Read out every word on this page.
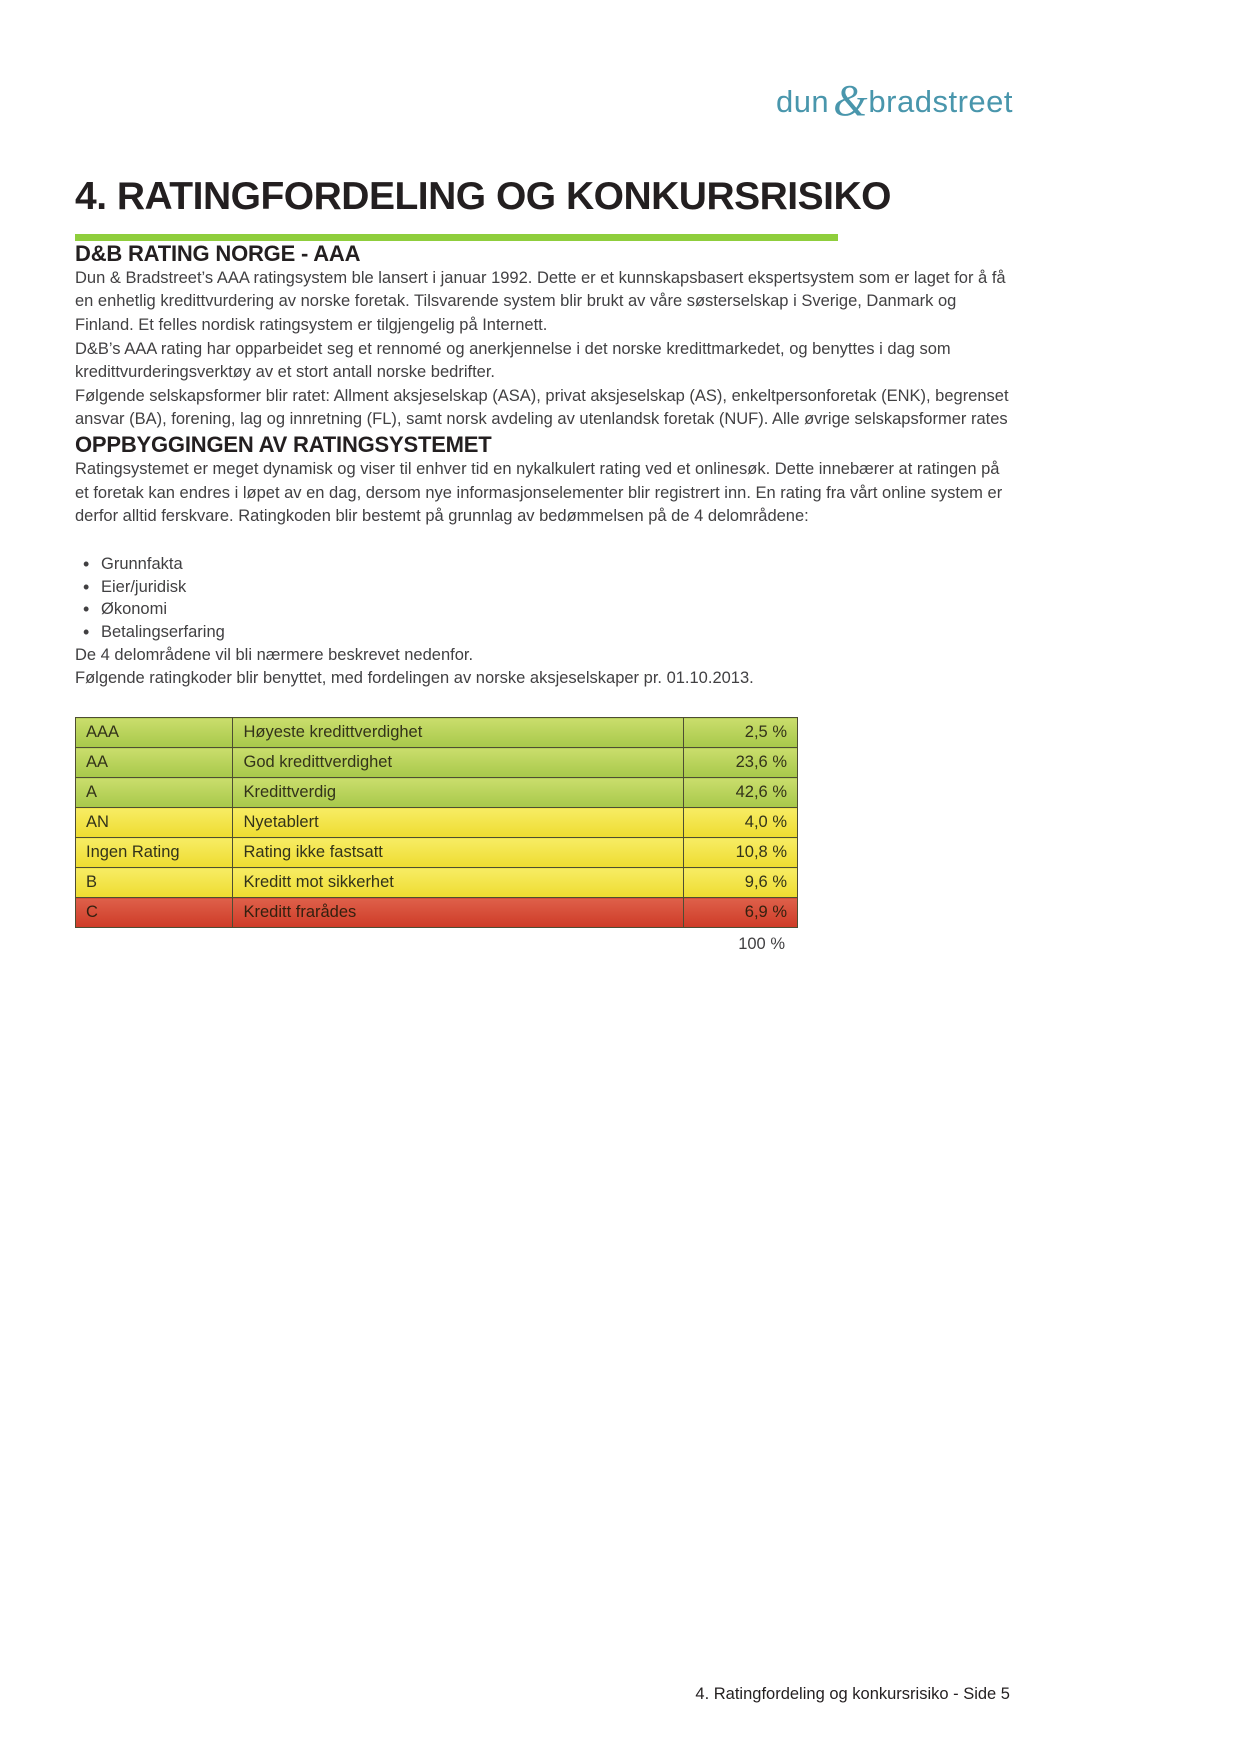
dun&bradstreet
4. RATINGFORDELING OG KONKURSRISIKO
D&B RATING NORGE - AAA

Dun & Bradstreet’s AAA ratingsystem ble lansert i januar 1992. Dette er et kunnskapsbasert ekspertsystem som er laget for å få en enhetlig kredittvurdering av norske foretak. Tilsvarende system blir brukt av våre søsterselskap i Sverige, Danmark og Finland. Et felles nordisk ratingsystem er tilgjengelig på Internett.

D&B’s AAA rating har opparbeidet seg et rennomé og anerkjennelse i det norske kredittmarkedet, og benyttes i dag som kredittvurderingsverktøy av et stort antall norske bedrifter.

Følgende selskapsformer blir ratet: Allment aksjeselskap (ASA), privat aksjeselskap (AS), enkeltpersonforetak (ENK), begrenset ansvar (BA), forening, lag og innretning (FL), samt norsk avdeling av utenlandsk foretak (NUF). Alle øvrige selskapsformer rates

OPPBYGGINGEN AV RATINGSYSTEMET

Ratingsystemet er meget dynamisk og viser til enhver tid en nykalkulert rating ved et onlinesøk. Dette innebærer at ratingen på et foretak kan endres i løpet av en dag, dersom nye informasjonselementer blir registrert inn. En rating fra vårt online system er derfor alltid ferskvare. Ratingkoden blir bestemt på grunnlag av bedømmelsen på de 4 delområdene:

• Grunnfakta
• Eier/juridisk
• Økonomi
• Betalingserfaring

De 4 delområdene vil bli nærmere beskrevet nedenfor.

Følgende ratingkoder blir benyttet, med fordelingen av norske aksjeselskaper pr. 01.10.2013.

AAA	Høyeste kredittverdighet	2,5 %
AA	God kredittverdighet	23,6 %
A	Kredittverdig	42,6 %
AN	Nyetablert	4,0 %
Ingen Rating	Rating ikke fastsatt	10,8 %
B	Kreditt mot sikkerhet	9,6 %
C	Kreditt frarådes	6,9 %
100 %
4. Ratingfordeling og konkursrisiko - Side 5
